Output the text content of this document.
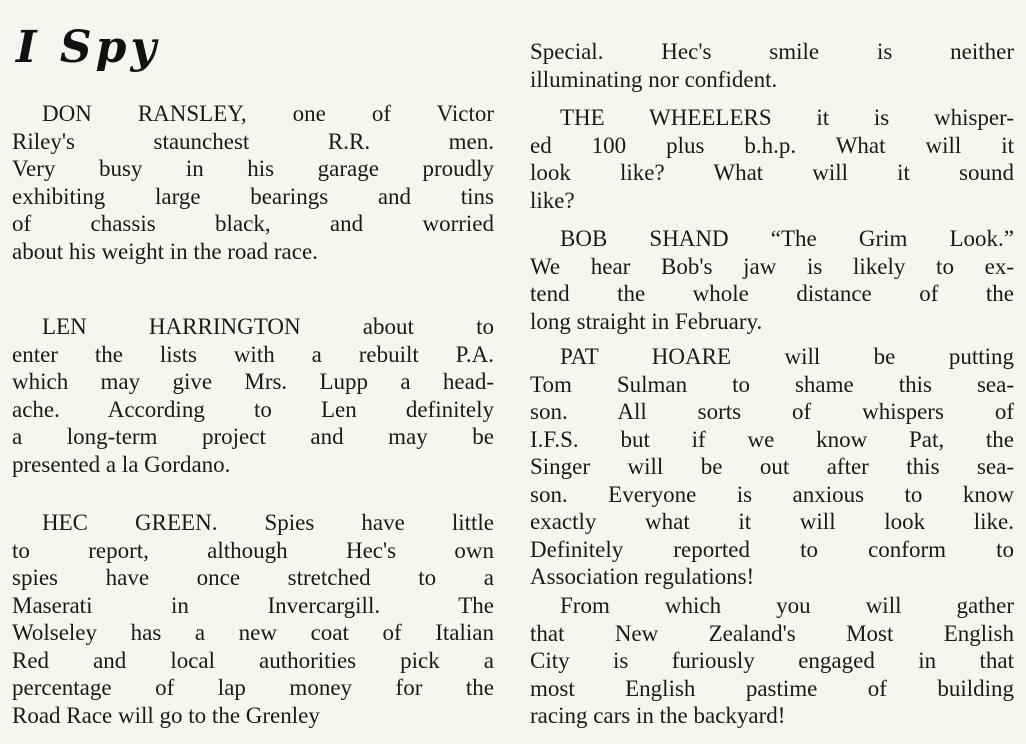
I Spy
DON RANSLEY, one of Victor
Riley's staunchest R.R. men.
Very busy in his garage proudly
exhibiting large bearings and tins
of chassis black, and worried
about his weight in the road race.
LEN HARRINGTON about to
enter the lists with a rebuilt P.A.
which may give Mrs. Lupp a head-
ache. According to Len definitely
a long-term project and may be
presented a la Gordano.
HEC GREEN. Spies have little
to report, although Hec's own
spies have once stretched to a
Maserati in Invercargill. The
Wolseley has a new coat of Italian
Red and local authorities pick a
percentage of lap money for the
Road Race will go to the Grenley
Special. Hec's smile is neither
illuminating nor confident.
THE WHEELERS it is whisper-
ed 100 plus b.h.p. What will it
look like? What will it sound
like?
BOB SHAND “The Grim Look.”
We hear Bob's jaw is likely to ex-
tend the whole distance of the
long straight in February.
PAT HOARE will be putting
Tom Sulman to shame this sea-
son. All sorts of whispers of
I.F.S. but if we know Pat, the
Singer will be out after this sea-
son. Everyone is anxious to know
exactly what it will look like.
Definitely reported to conform to
Association regulations!
From which you will gather
that New Zealand's Most English
City is furiously engaged in that
most English pastime of building
racing cars in the backyard!
